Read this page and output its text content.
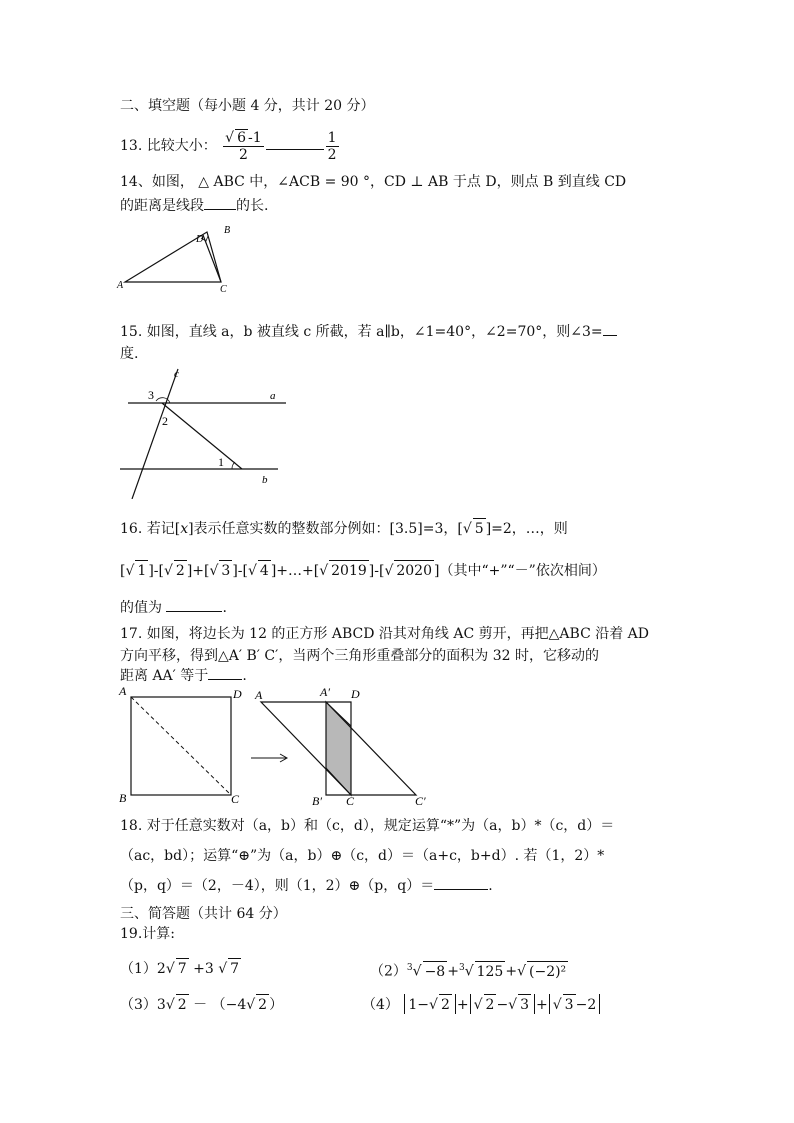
二、填空题（每小题 4 分，共计 20 分）
13. 比较大小： $\frac{√ 6 -1}{2}$	$\frac{1}{2}$
14、如图， △ ABC 中，∠ACB = 90 °，CD ⊥ AB 于点 D，则点 B 到直线 CD
的距离是线段 的长.
A
B
C
D
15. 如图，直线 a，b 被直线 c 所截，若 a∥b，∠1=40°，∠2=70°，则∠3=
度.
c
a
b
1
2
3
16. 若记[x]表示任意实数的整数部分例如：[3.5]=3，[√ 5 ]=2，…，则
[√ 1 ]-[√ 2 ]+[√ 3 ]-[√ 4 ]+…+[√ 2019 ]-[√ 2020 ]（其中“+”“－”依次相间）
的值为	.
17. 如图，将边长为 12 的正方形 ABCD 沿其对角线 AC 剪开，再把△ABC 沿着 AD
方向平移，得到△A′ B′ C′，当两个三角形重叠部分的面积为 32 时，它移动的
距离 AA′ 等于 .
A	D
B	C
A	A′ D
B′ C	C′
18. 对于任意实数对（a，b）和（c，d），规定运算“*”为（a，b）*（c，d）＝
（ac，bd）；运算“⊕”为（a，b）⊕（c，d）＝（a+c，b+d）. 若（1，2）*
（p，q）＝（2，－4），则（1，2）⊕（p，q）＝	.
三、简答题（共计 64 分）
19.计算:
（1）2√ 7 +3 √ 7	$(2)^3√ -8 +^3√$ 125 +√ (−2)²
（3）3√ 2 － （−4√ 2 ）	（4） 1−√ 2 + √ 2 −√ 3 + √ 3 −2
